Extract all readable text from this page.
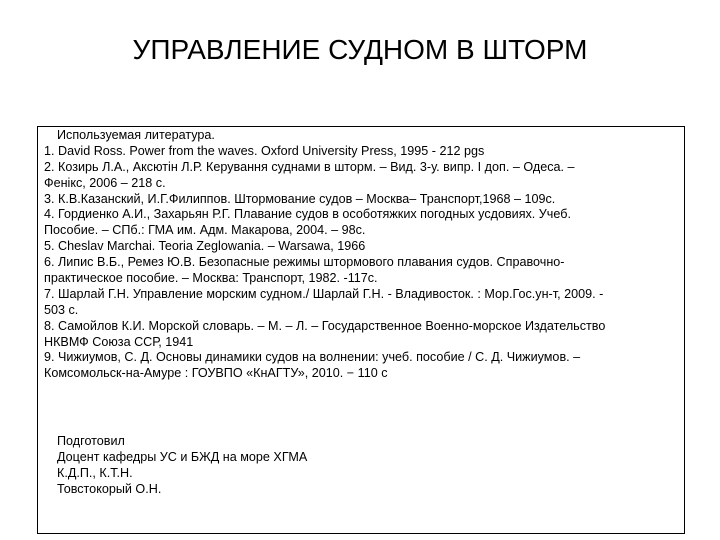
УПРАВЛЕНИЕ СУДНОМ В ШТОРМ
Используемая литература.
1. David Ross. Power from the waves. Oxford University Press, 1995 - 212 pgs
2. Козирь Л.А., Аксютін Л.Р. Керування суднами в шторм. – Вид. 3-у. випр. І доп. – Одеса. –
Фенікс, 2006 – 218 с.
3. К.В.Казанский, И.Г.Филиппов. Штормование судов – Москва– Транспорт,1968 – 109с.
4. Гордиенко А.И., Захарьян Р.Г. Плавание судов в особотяжких погодных усдовиях. Учеб.
Пособие. – СПб.: ГМА им. Адм. Макарова, 2004. – 98с.
5. Cheslav Marchai. Teoria Zeglowania. – Warsawa, 1966
6. Липис В.Б., Ремез Ю.В. Безопасные режимы штормового плавания судов. Справочно-
практическое пособие. – Москва: Транспорт, 1982. -117с.
7. Шарлай Г.Н. Управление морским судном./ Шарлай Г.Н. - Владивосток. : Мор.Гос.ун-т, 2009. -
503 с.
8. Самойлов К.И. Морской словарь. – М. – Л. – Государственное Военно-морское Издательство
НКВМФ Союза ССР, 1941
9. Чижиумов, С. Д. Основы динамики судов на волнении: учеб. пособие / С. Д. Чижиумов. –
Комсомольск-на-Амуре : ГОУВПО «КнАГТУ», 2010. − 110 с
Подготовил
Доцент кафедры УС и БЖД на море ХГМА
К.Д.П., К.Т.Н.
Товстокорый О.Н.
